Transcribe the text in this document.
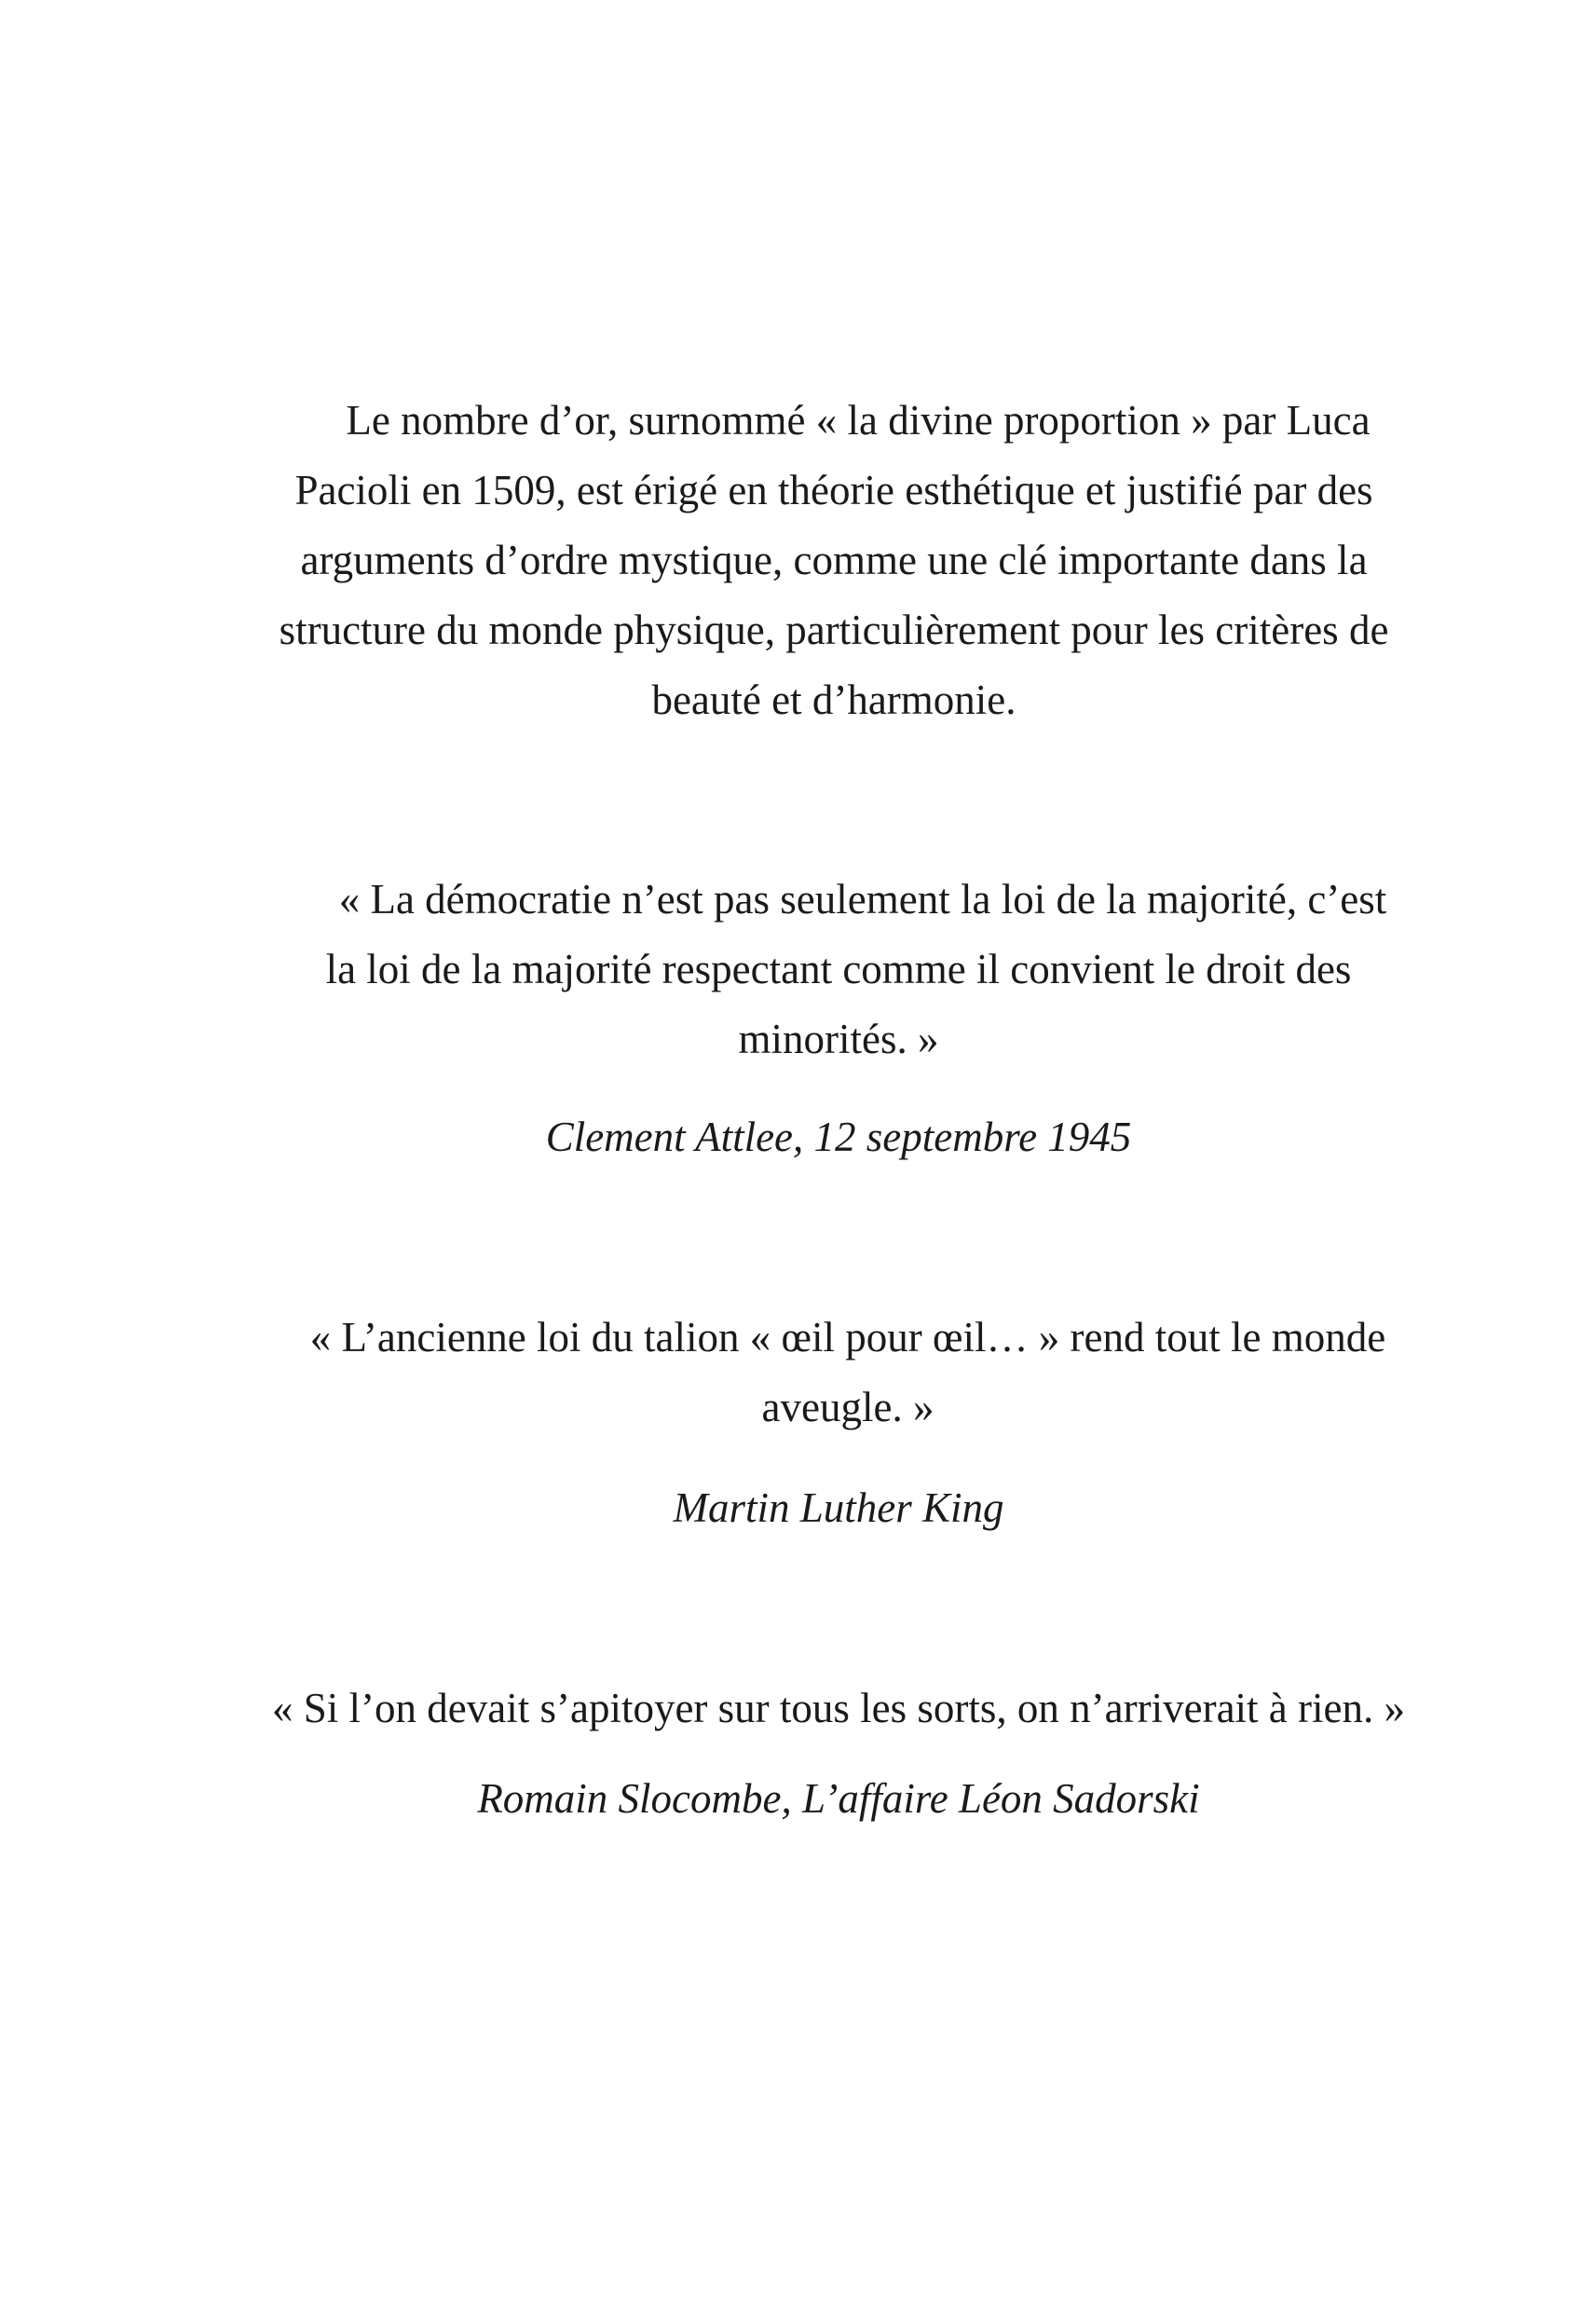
Le nombre d’or, surnommé « la divine proportion » par Luca

Pacioli en 1509, est érigé en théorie esthétique et justifié par des

arguments d’ordre mystique, comme une clé importante dans la

structure du monde physique, particulièrement pour les critères de

beauté et d’harmonie.

« La démocratie n’est pas seulement la loi de la majorité, c’est

la loi de la majorité respectant comme il convient le droit des

minorités. »

Clement Attlee, 12 septembre 1945

« L’ancienne loi du talion « œil pour œil… » rend tout le monde

aveugle. »

Martin Luther King

« Si l’on devait s’apitoyer sur tous les sorts, on n’arriverait à rien. »

Romain Slocombe, L’affaire Léon Sadorski
